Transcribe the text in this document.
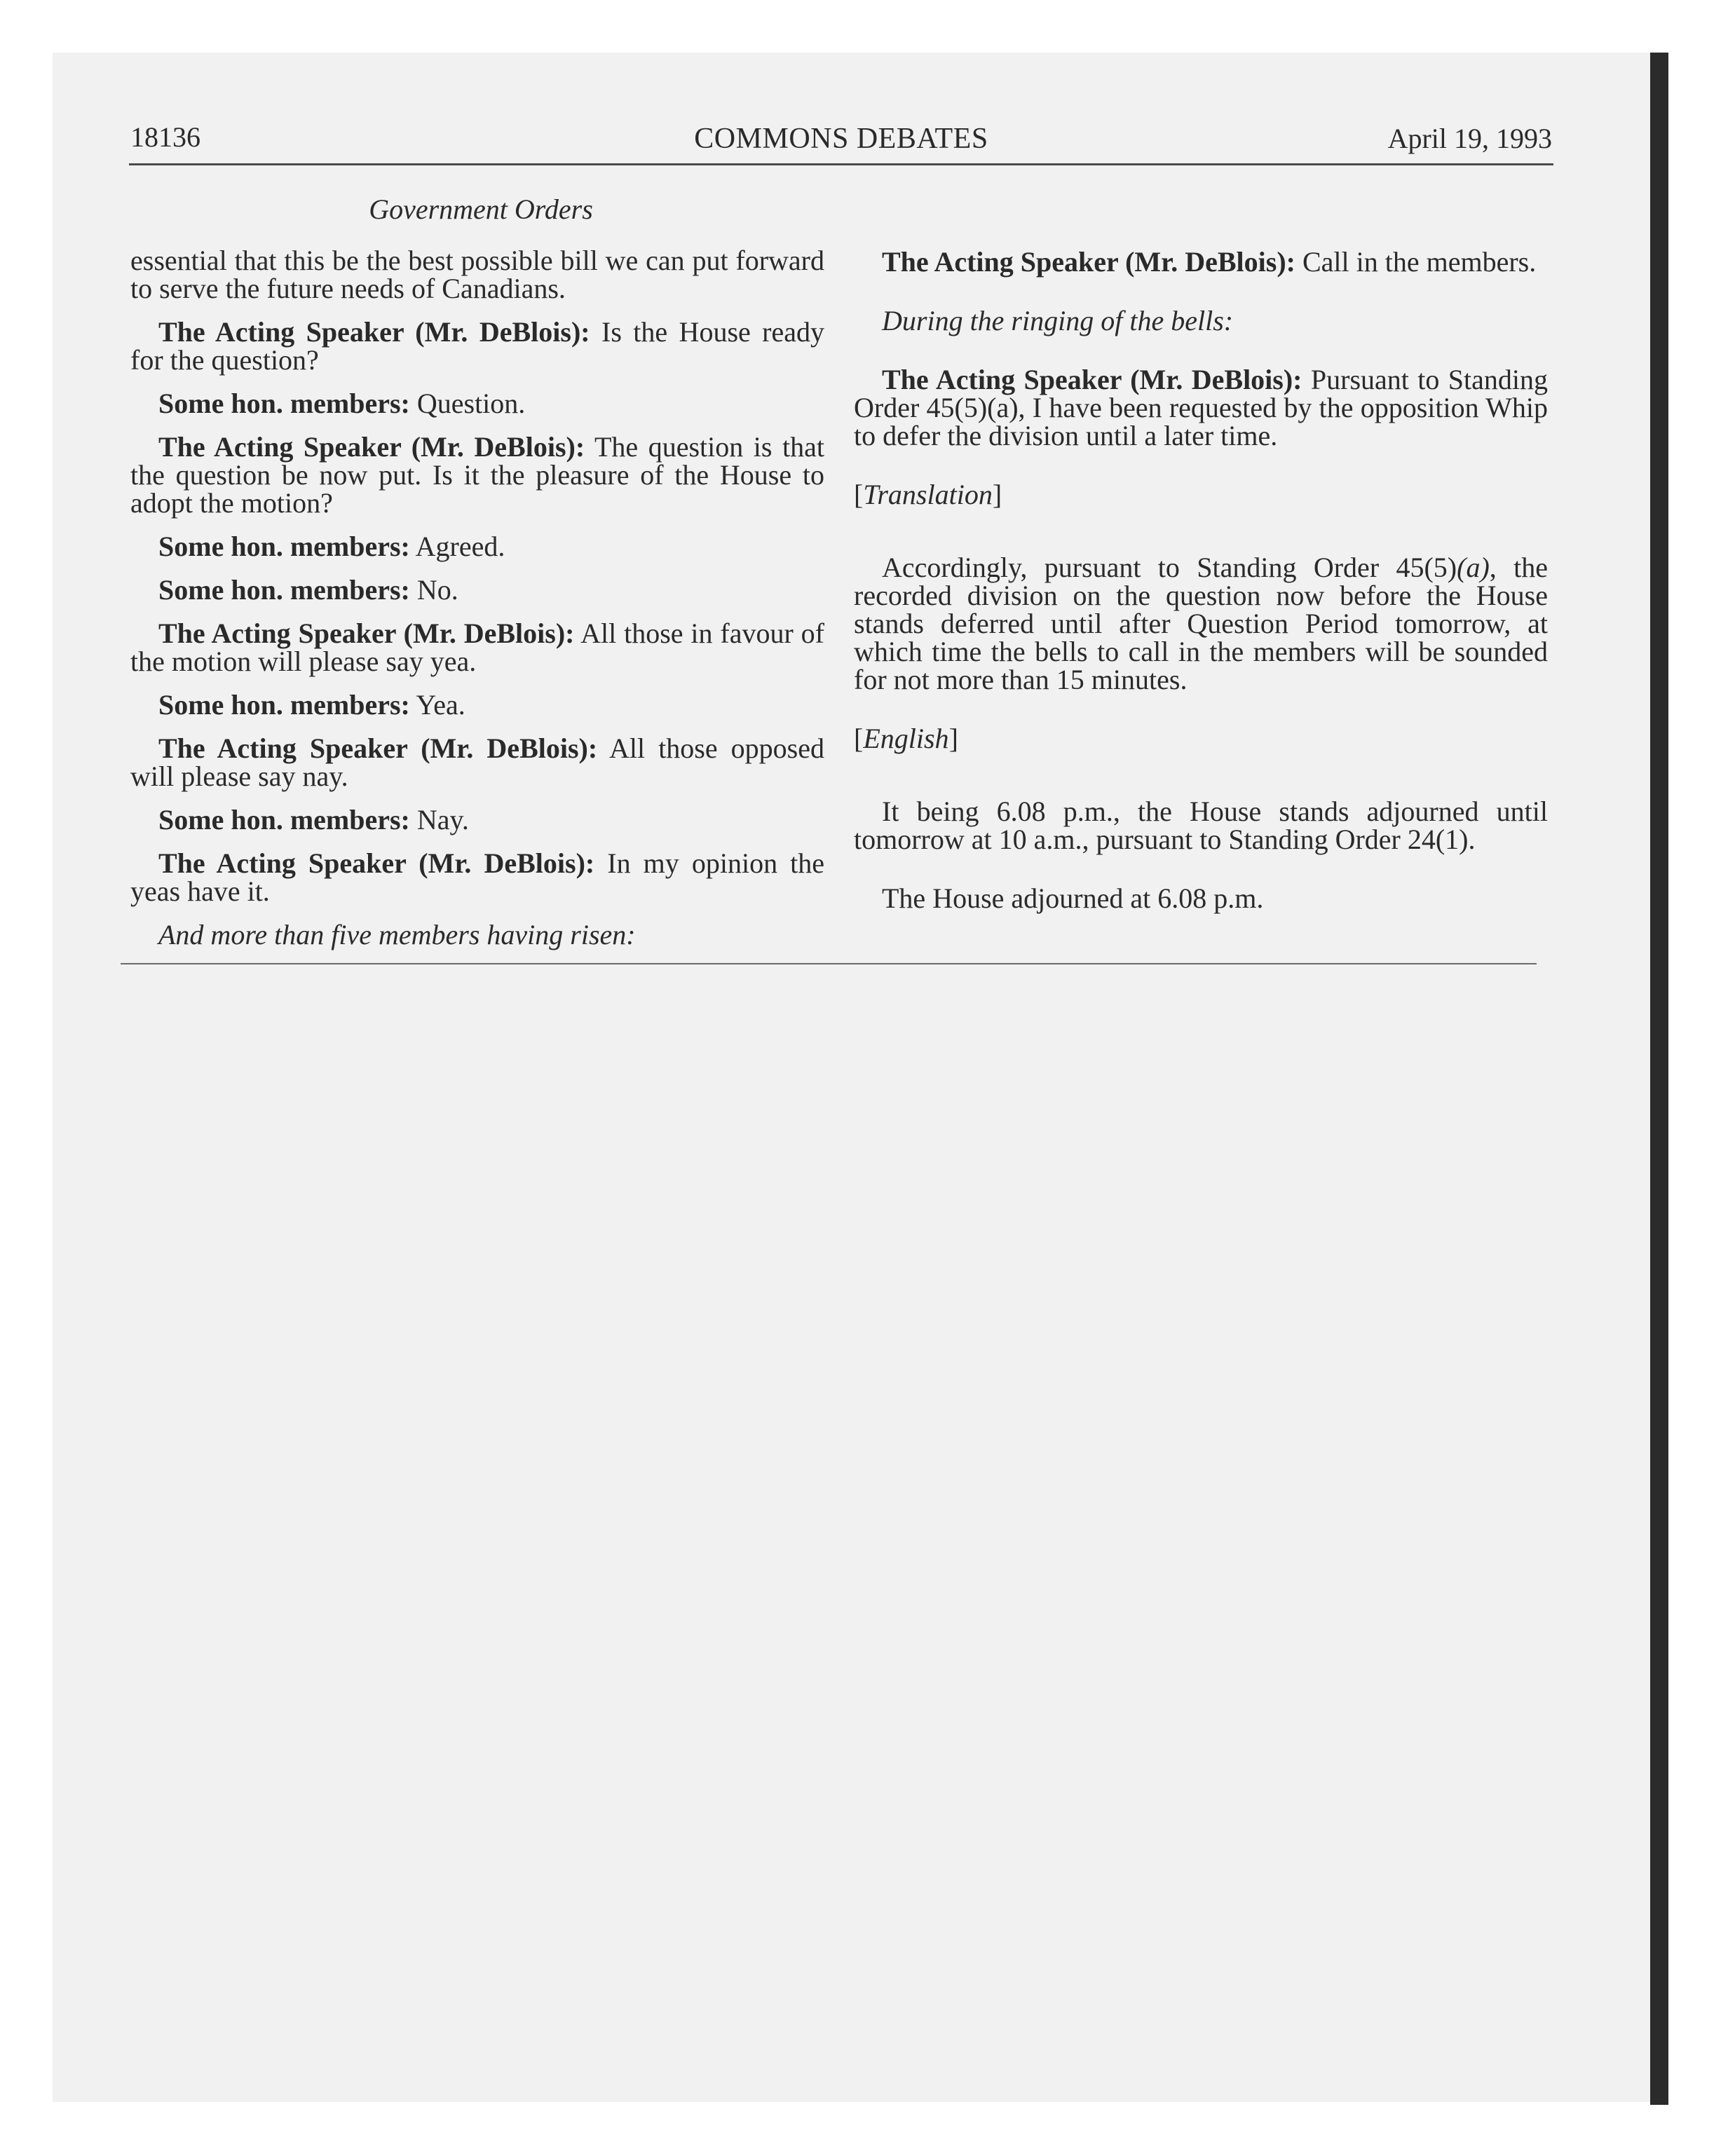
18136	COMMONS DEBATES	April 19, 1993
Government Orders

essential that this be the best possible bill we can put forward to serve the future needs of Canadians.

The Acting Speaker (Mr. DeBlois): Is the House ready for the question?

Some hon. members: Question.

The Acting Speaker (Mr. DeBlois): The question is that the question be now put. Is it the pleasure of the House to adopt the motion?

Some hon. members: Agreed.

Some hon. members: No.

The Acting Speaker (Mr. DeBlois): All those in favour of the motion will please say yea.

Some hon. members: Yea.

The Acting Speaker (Mr. DeBlois): All those opposed will please say nay.

Some hon. members: Nay.

The Acting Speaker (Mr. DeBlois): In my opinion the yeas have it.

And more than five members having risen:

The Acting Speaker (Mr. DeBlois): Call in the members.

During the ringing of the bells:

The Acting Speaker (Mr. DeBlois): Pursuant to Standing Order 45(5)(a), I have been requested by the opposition Whip to defer the division until a later time.

[Translation]

Accordingly, pursuant to Standing Order 45(5)(a), the recorded division on the question now before the House stands deferred until after Question Period tomorrow, at which time the bells to call in the members will be sounded for not more than 15 minutes.

[English]

It being 6.08 p.m., the House stands adjourned until tomorrow at 10 a.m., pursuant to Standing Order 24(1).

The House adjourned at 6.08 p.m.
